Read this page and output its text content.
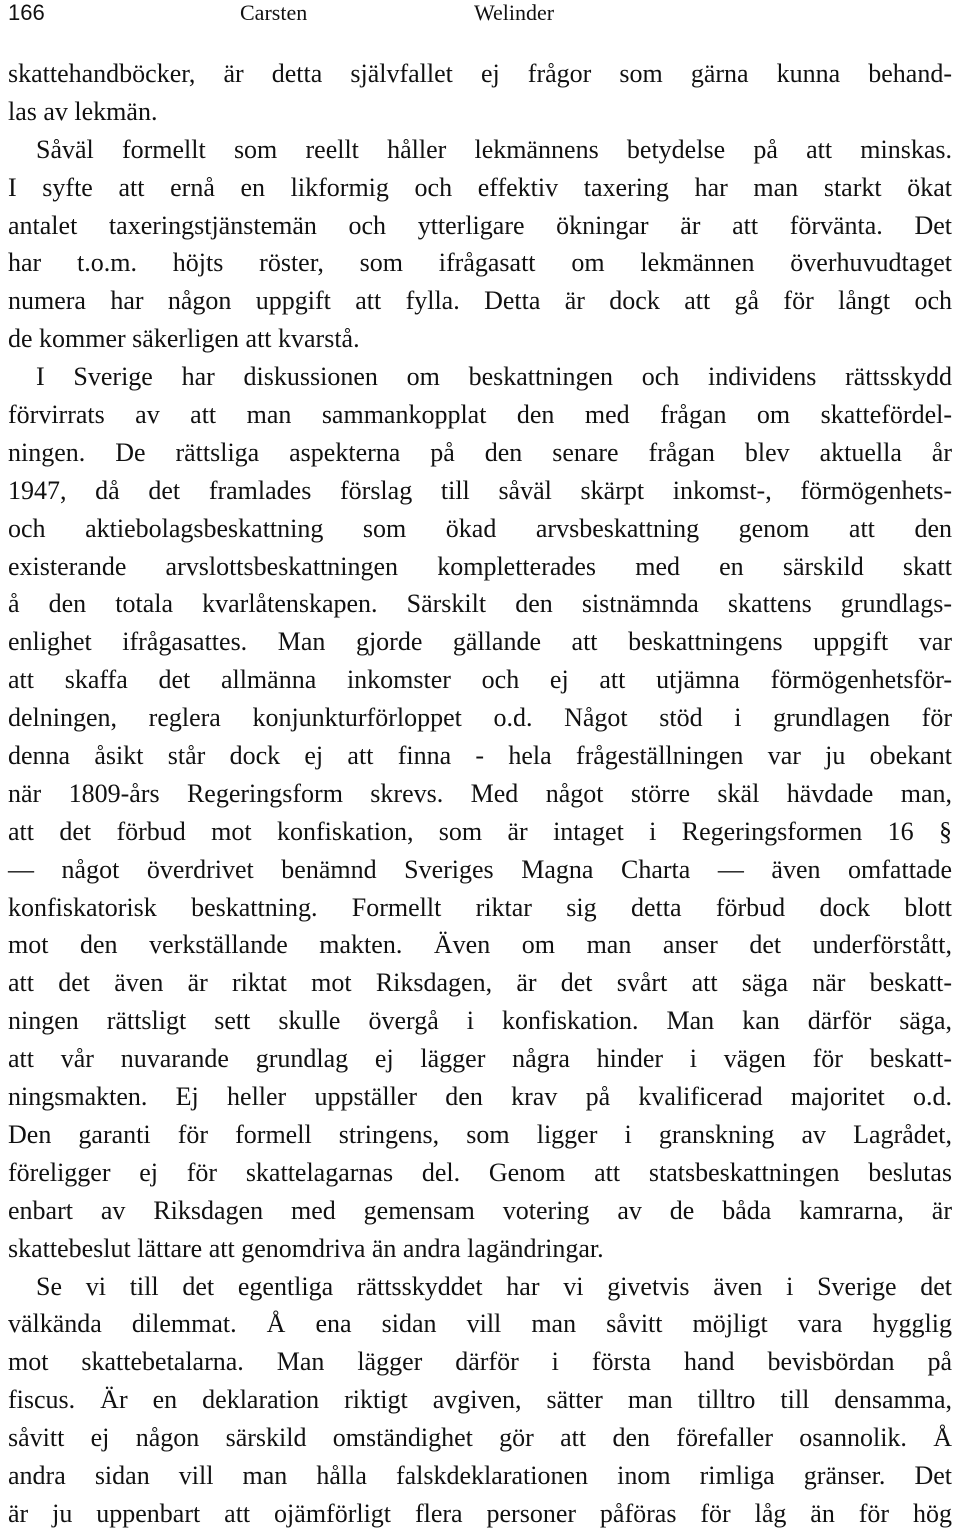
166	Carsten	Welinder
skattehandböcker, är detta självfallet ej frågor som gärna kunna behand-
las av lekmän.
Såväl formellt som reellt håller lekmännens betydelse på att minskas.
I syfte att ernå en likformig och effektiv taxering har man starkt ökat
antalet taxeringstjänstemän och ytterligare ökningar är att förvänta. Det
har t.o.m. höjts röster, som ifrågasatt om lekmännen överhuvudtaget
numera har någon uppgift att fylla. Detta är dock att gå för långt och
de kommer säkerligen att kvarstå.
I Sverige har diskussionen om beskattningen och individens rättsskydd
förvirrats av att man sammankopplat den med frågan om skattefördel-
ningen. De rättsliga aspekterna på den senare frågan blev aktuella år
1947, då det framlades förslag till såväl skärpt inkomst-, förmögenhets-
och aktiebolagsbeskattning som ökad arvsbeskattning genom att den
existerande arvslottsbeskattningen kompletterades med en särskild skatt
å den totala kvarlåtenskapen. Särskilt den sistnämnda skattens grundlags-
enlighet ifrågasattes. Man gjorde gällande att beskattningens uppgift var
att skaffa det allmänna inkomster och ej att utjämna förmögenhetsför-
delningen, reglera konjunkturförloppet o.d. Något stöd i grundlagen för
denna åsikt står dock ej att finna - hela frågeställningen var ju obekant
när 1809-års Regeringsform skrevs. Med något större skäl hävdade man,
att det förbud mot konfiskation, som är intaget i Regeringsformen 16 §
— något överdrivet benämnd Sveriges Magna Charta — även omfattade
konfiskatorisk beskattning. Formellt riktar sig detta förbud dock blott
mot den verkställande makten. Även om man anser det underförstått,
att det även är riktat mot Riksdagen, är det svårt att säga när beskatt-
ningen rättsligt sett skulle övergå i konfiskation. Man kan därför säga,
att vår nuvarande grundlag ej lägger några hinder i vägen för beskatt-
ningsmakten. Ej heller uppställer den krav på kvalificerad majoritet o.d.
Den garanti för formell stringens, som ligger i granskning av Lagrådet,
föreligger ej för skattelagarnas del. Genom att statsbeskattningen beslutas
enbart av Riksdagen med gemensam votering av de båda kamrarna, är
skattebeslut lättare att genomdriva än andra lagändringar.
Se vi till det egentliga rättsskyddet har vi givetvis även i Sverige det
välkända dilemmat. Å ena sidan vill man såvitt möjligt vara hygglig
mot skattebetalarna. Man lägger därför i första hand bevisbördan på
fiscus. Är en deklaration riktigt avgiven, sätter man tilltro till densamma,
såvitt ej någon särskild omständighet gör att den förefaller osannolik. Å
andra sidan vill man hålla falskdeklarationen inom rimliga gränser. Det
är ju uppenbart att ojämförligt flera personer påföras för låg än för hög
